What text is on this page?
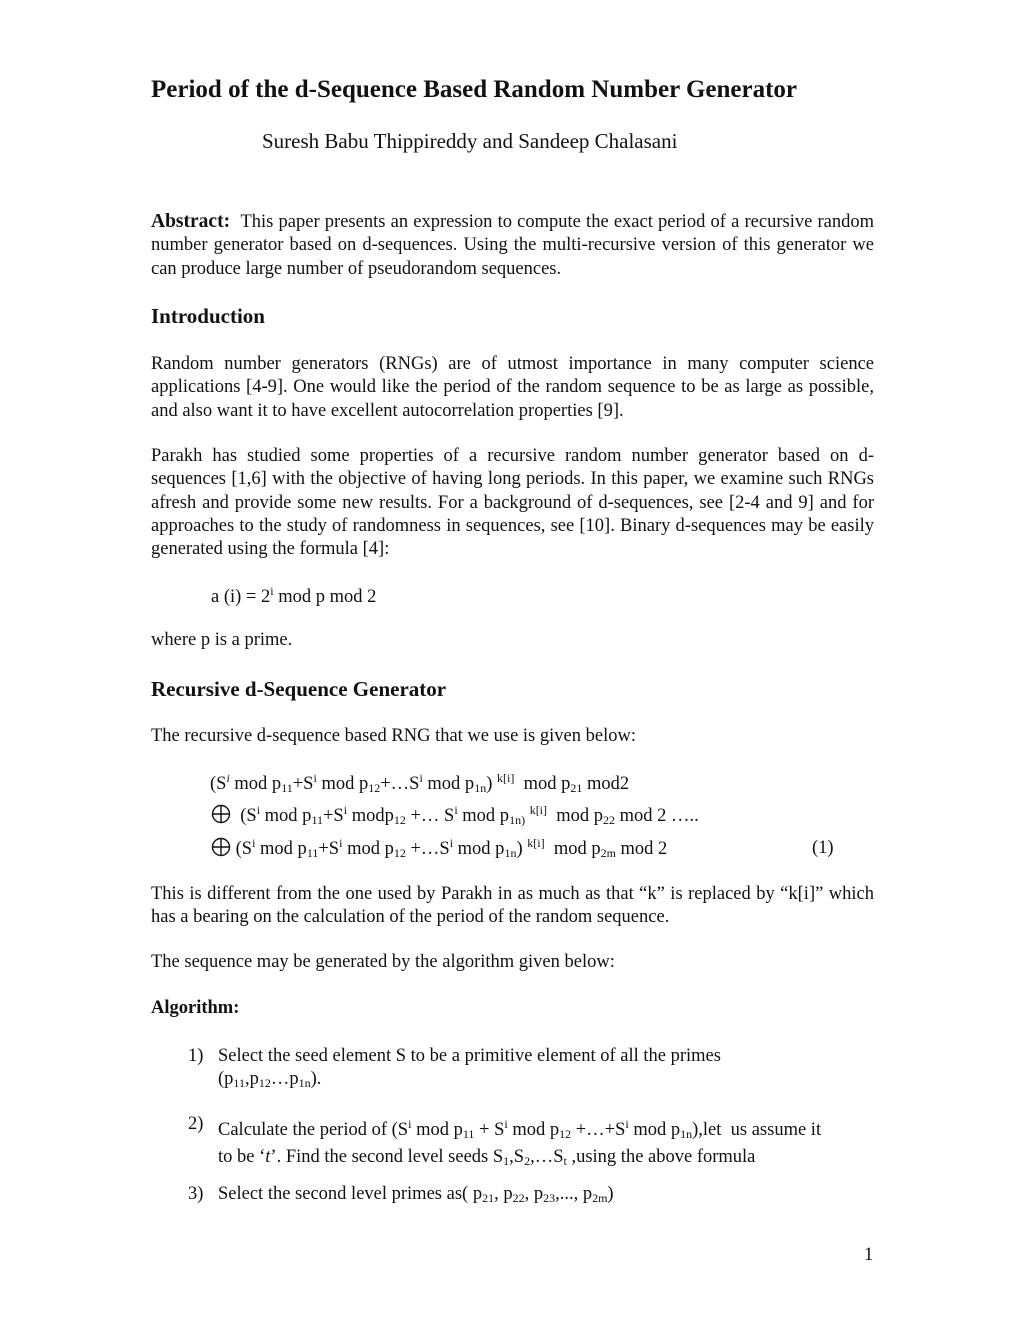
Period of the d-Sequence Based Random Number Generator
Suresh Babu Thippireddy and Sandeep Chalasani
Abstract: This paper presents an expression to compute the exact period of a recursive random number generator based on d-sequences. Using the multi-recursive version of this generator we can produce large number of pseudorandom sequences.
Introduction
Random number generators (RNGs) are of utmost importance in many computer science applications [4-9]. One would like the period of the random sequence to be as large as possible, and also want it to have excellent autocorrelation properties [9].
Parakh has studied some properties of a recursive random number generator based on d-sequences [1,6] with the objective of having long periods. In this paper, we examine such RNGs afresh and provide some new results. For a background of d-sequences, see [2-4 and 9] and for approaches to the study of randomness in sequences, see [10]. Binary d-sequences may be easily generated using the formula [4]:
a $(i) = 2^i$ mod p mod 2
where p is a prime.
Recursive d-Sequence Generator
The recursive d-sequence based RNG that we use is given below:
($S^i$ mod $p_{11}+S^i$ mod $p_{12}+\dots S^i$ mod $p_{1n}$) $^{k[i]}$  mod $p_{21}$ mod2
($S^i$ mod $p_{11}+S^i$ modp$_{12}$ +… $S^i$ mod $p_{1n)}$ $^{k[i]}$  mod $p_{22}$ mod 2 …..
($S^i$ mod $p_{11}+S^i$ mod $p_{12}$ $+\dots S^i$ mod $p_{1n}$) $^{k[i]}$  mod $p_{2m}$ mod 2	(1)
This is different from the one used by Parakh in as much as that “k” is replaced by “k[i]” which has a bearing on the calculation of the period of the random sequence.
The sequence may be generated by the algorithm given below:
Algorithm:
1) Select the seed element S to be a primitive element of all the primes
$(p_{11},p_{12}\dots p_{1n})$.
2) Calculate the period of ($S^i$ mod $p_{11} + S^i$ mod $p_{12}$ $+\dots+S^i$ mod $p_{1n}),let$  us assume it
to be ‘t’. Find the second level seeds $S_1,S_2,\dots S_t$ ,using the above formula
3) Select the second level primes as( $p_{21}$, $p_{22}$, $p_{23}$,..., $p_{2m}$)
1
